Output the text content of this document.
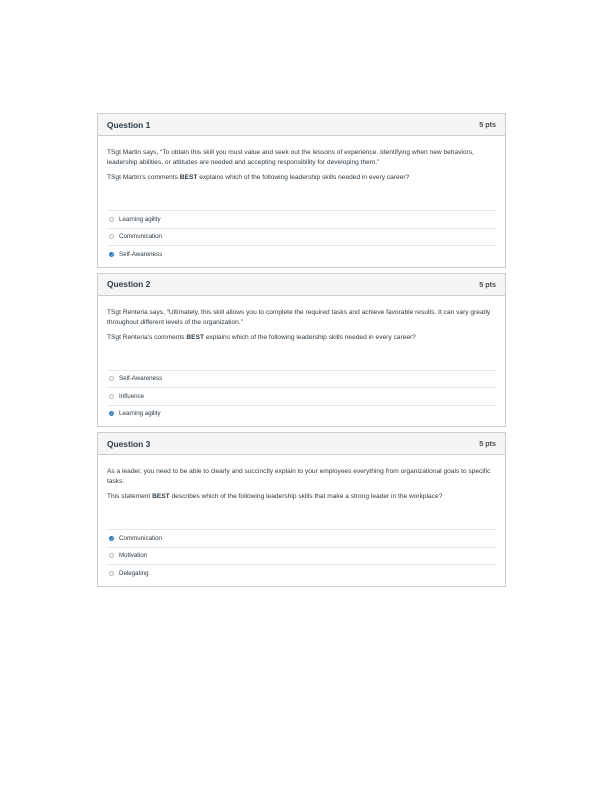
Question 1	5 pts

TSgt Martin says, “To obtain this skill you must value and seek out the lessons of experience. Identifying when new behaviors, leadership abilities, or attitudes are needed and accepting responsibility for developing them.”

TSgt Martin’s comments BEST explains which of the following leadership skills needed in every career?

Learning agility
Communication
Self-Awareness
Question 2	5 pts

TSgt Renteria says, “Ultimately, this skill allows you to complete the required tasks and achieve favorable results. It can vary greatly throughout different levels of the organization.”

TSgt Renteria’s comments BEST explains which of the following leadership skills needed in every career?

Self-Awareness
Influence
Learning agility
Question 3	5 pts

As a leader, you need to be able to clearly and succinctly explain to your employees everything from organizational goals to specific tasks.

This statement BEST describes which of the following leadership skills that make a strong leader in the workplace?

Communication
Motivation
Delegating
